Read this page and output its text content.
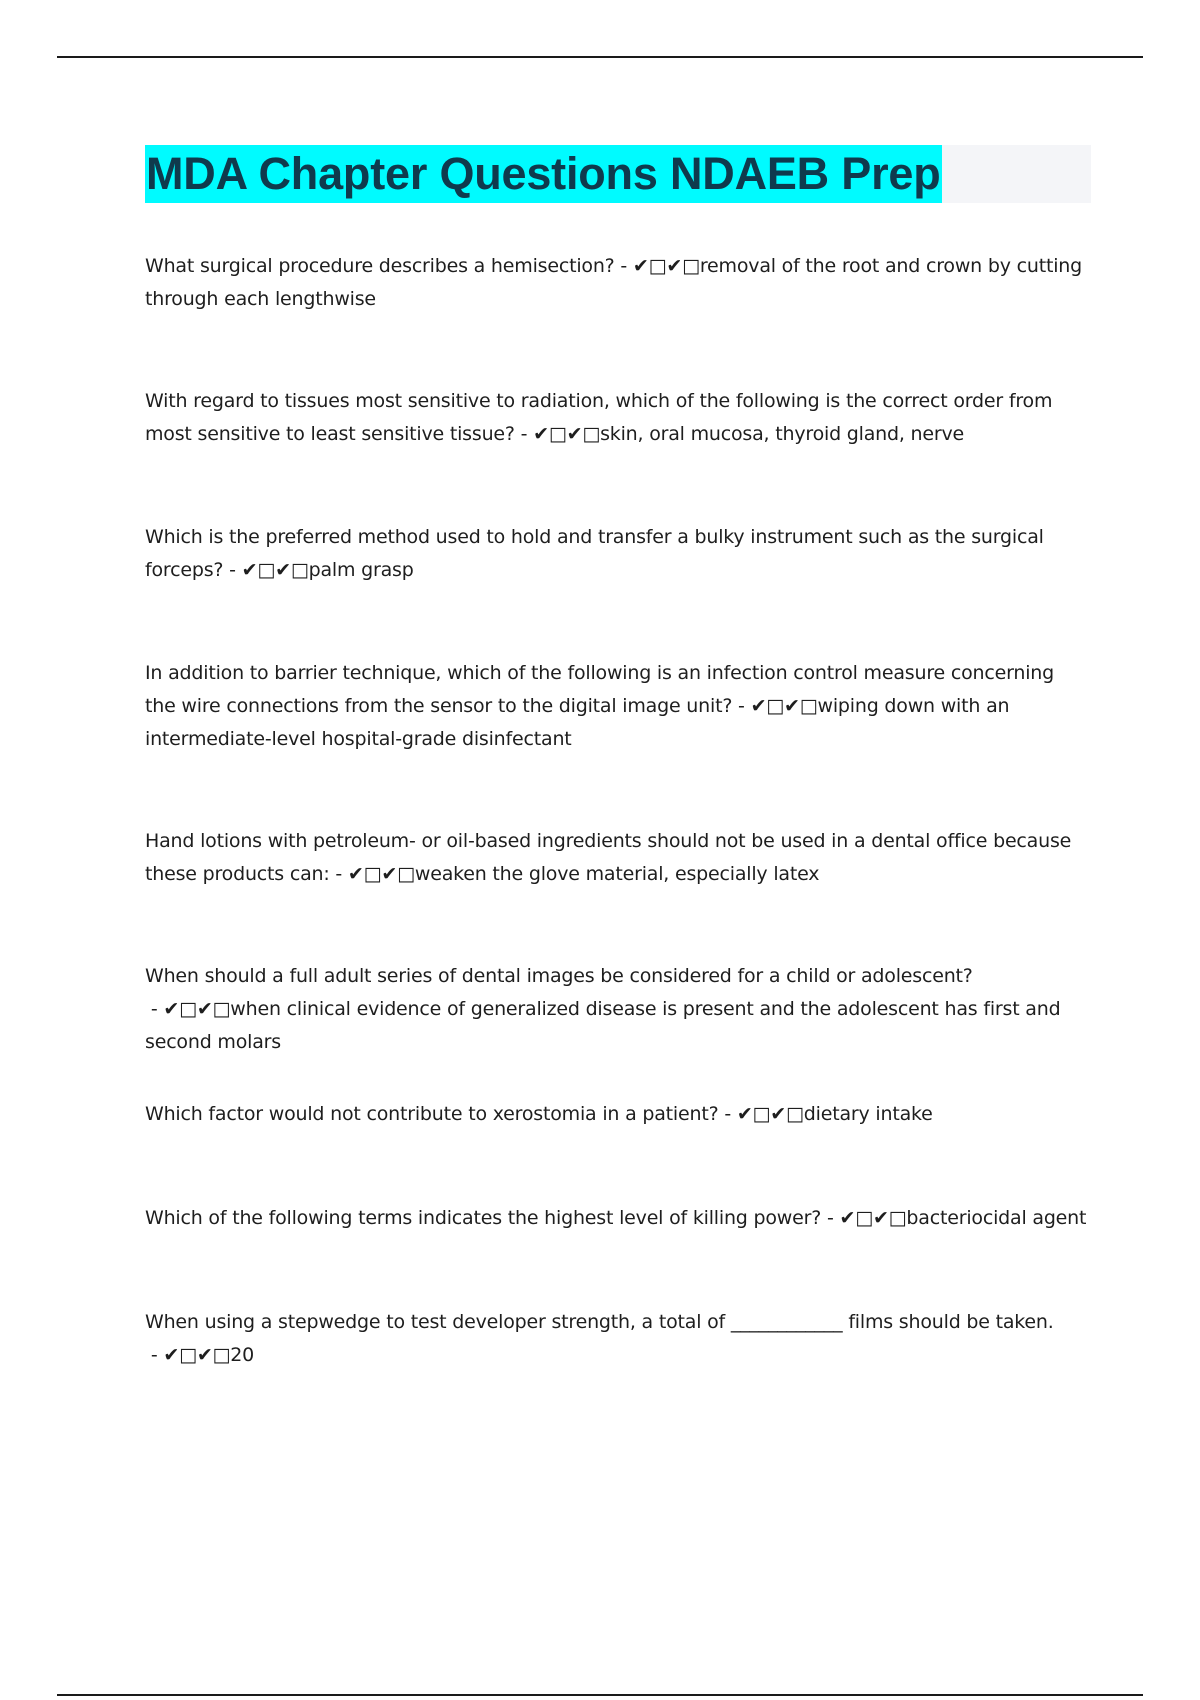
MDA Chapter Questions NDAEB Prep

What surgical procedure describes a hemisection? - ✔□✔□removal of the root and crown by cutting through each lengthwise

With regard to tissues most sensitive to radiation, which of the following is the correct order from most sensitive to least sensitive tissue? - ✔□✔□skin, oral mucosa, thyroid gland, nerve

Which is the preferred method used to hold and transfer a bulky instrument such as the surgical forceps? - ✔□✔□palm grasp

In addition to barrier technique, which of the following is an infection control measure concerning the wire connections from the sensor to the digital image unit? - ✔□✔□wiping down with an intermediate-level hospital-grade disinfectant

Hand lotions with petroleum- or oil-based ingredients should not be used in a dental office because these products can: - ✔□✔□weaken the glove material, especially latex

When should a full adult series of dental images be considered for a child or adolescent? - ✔□✔□when clinical evidence of generalized disease is present and the adolescent has first and second molars

Which factor would not contribute to xerostomia in a patient? - ✔□✔□dietary intake

Which of the following terms indicates the highest level of killing power? - ✔□✔□bacteriocidal agent

When using a stepwedge to test developer strength, a total of ____________ films should be taken. - ✔□✔□20
